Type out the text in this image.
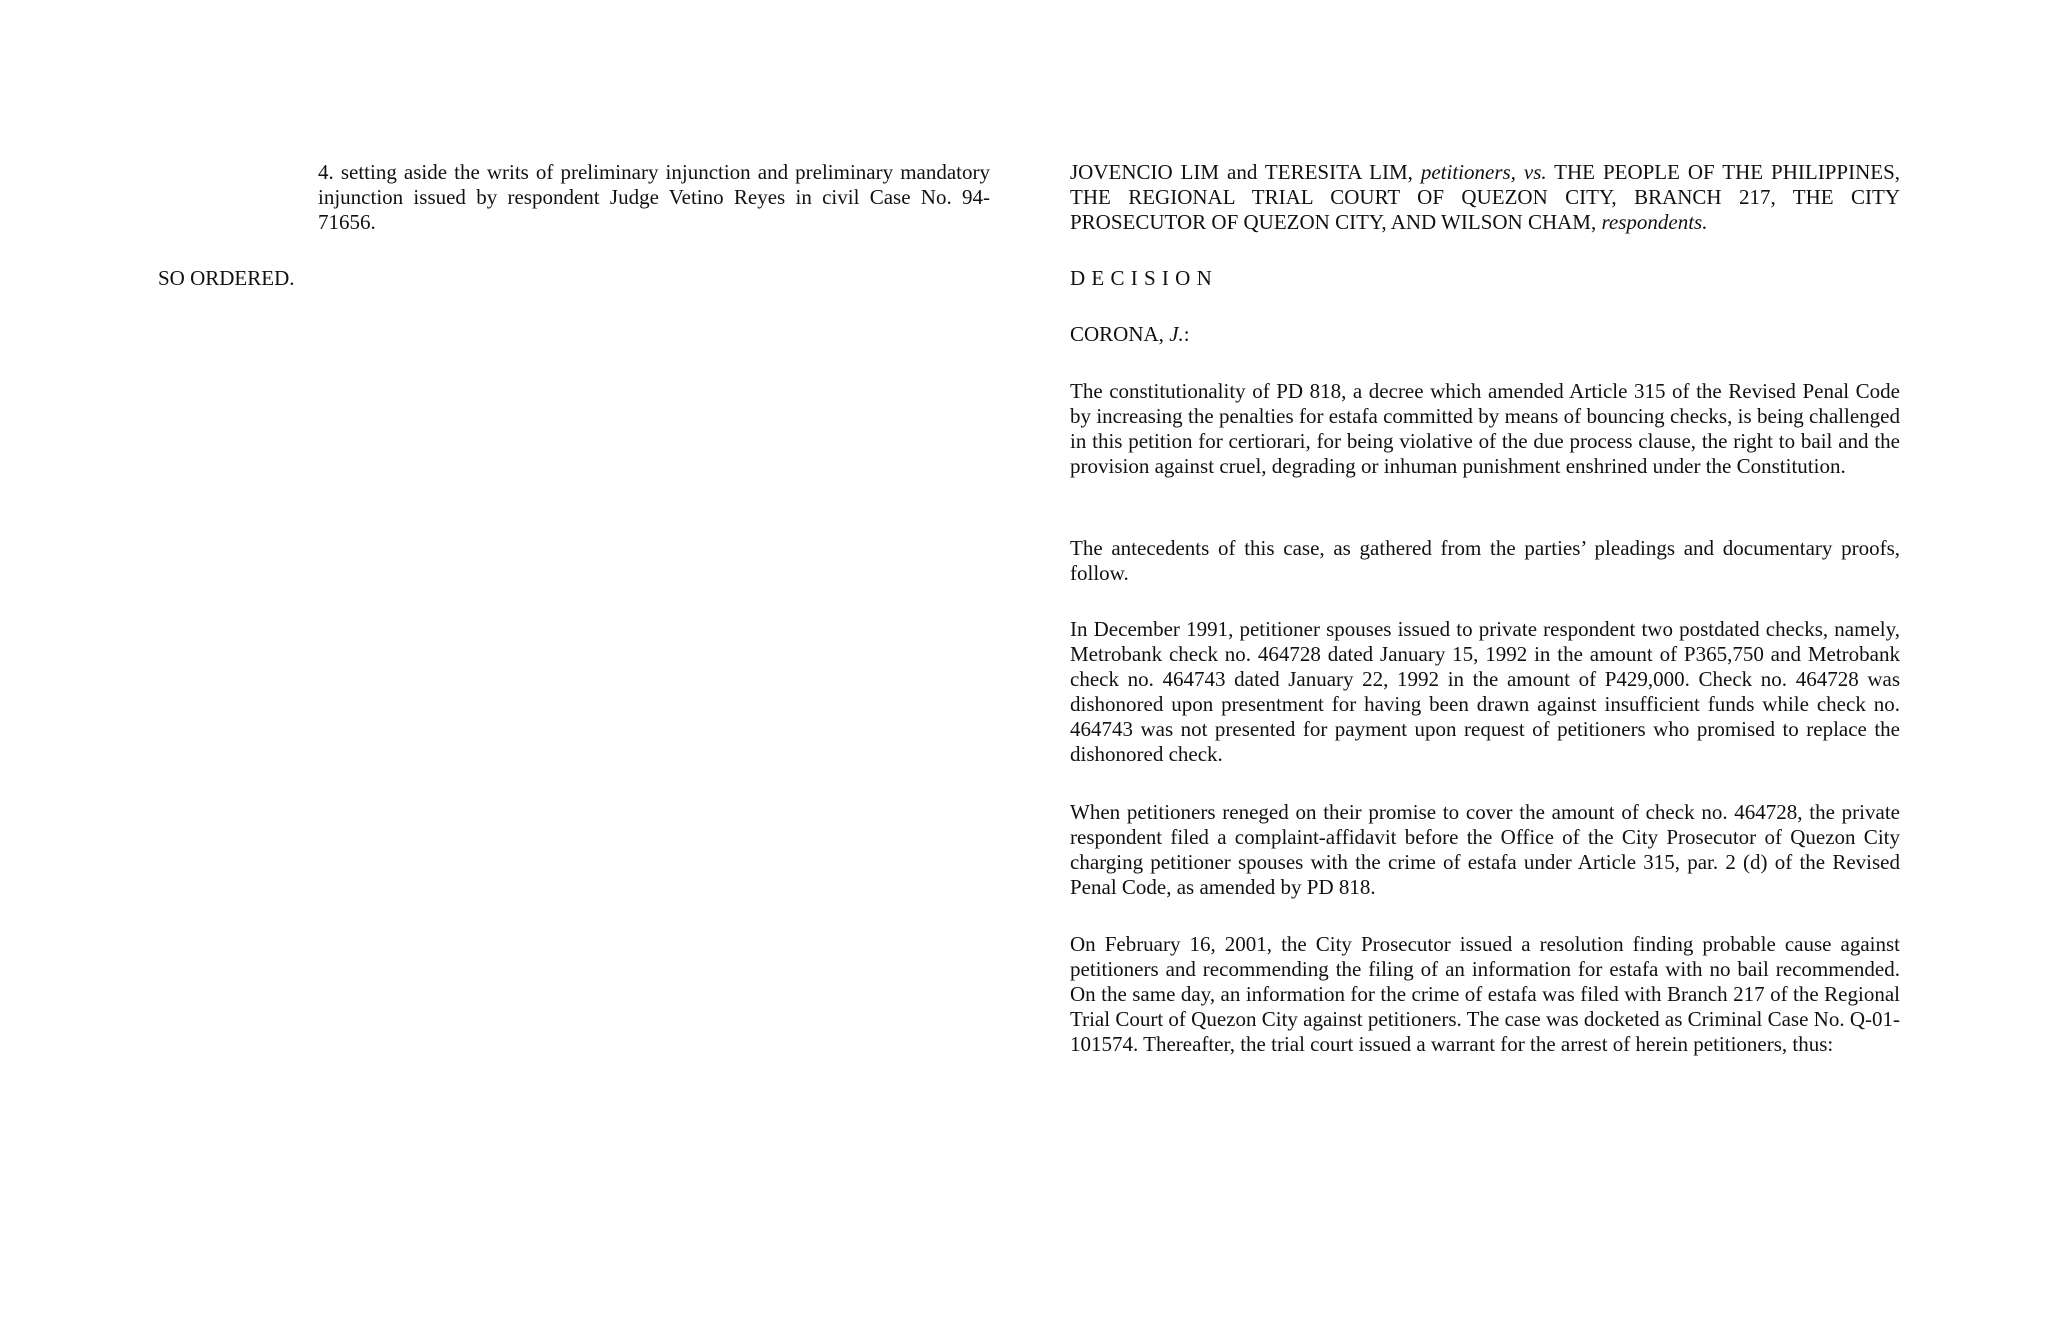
4. setting aside the writs of preliminary injunction and preliminary mandatory injunction issued by respondent Judge Vetino Reyes in civil Case No. 94-71656.

SO ORDERED.

JOVENCIO LIM and TERESITA LIM, petitioners, vs. THE PEOPLE OF THE PHILIPPINES, THE REGIONAL TRIAL COURT OF QUEZON CITY, BRANCH 217, THE CITY PROSECUTOR OF QUEZON CITY, AND WILSON CHAM, respondents.

D E C I S I O N

CORONA, J.:

The constitutionality of PD 818, a decree which amended Article 315 of the Revised Penal Code by increasing the penalties for estafa committed by means of bouncing checks, is being challenged in this petition for certiorari, for being violative of the due process clause, the right to bail and the provision against cruel, degrading or inhuman punishment enshrined under the Constitution.

The antecedents of this case, as gathered from the parties’ pleadings and documentary proofs, follow.

In December 1991, petitioner spouses issued to private respondent two postdated checks, namely, Metrobank check no. 464728 dated January 15, 1992 in the amount of P365,750 and Metrobank check no. 464743 dated January 22, 1992 in the amount of P429,000. Check no. 464728 was dishonored upon presentment for having been drawn against insufficient funds while check no. 464743 was not presented for payment upon request of petitioners who promised to replace the dishonored check.

When petitioners reneged on their promise to cover the amount of check no. 464728, the private respondent filed a complaint-affidavit before the Office of the City Prosecutor of Quezon City charging petitioner spouses with the crime of estafa under Article 315, par. 2 (d) of the Revised Penal Code, as amended by PD 818.

On February 16, 2001, the City Prosecutor issued a resolution finding probable cause against petitioners and recommending the filing of an information for estafa with no bail recommended. On the same day, an information for the crime of estafa was filed with Branch 217 of the Regional Trial Court of Quezon City against petitioners. The case was docketed as Criminal Case No. Q-01-101574. Thereafter, the trial court issued a warrant for the arrest of herein petitioners, thus:
